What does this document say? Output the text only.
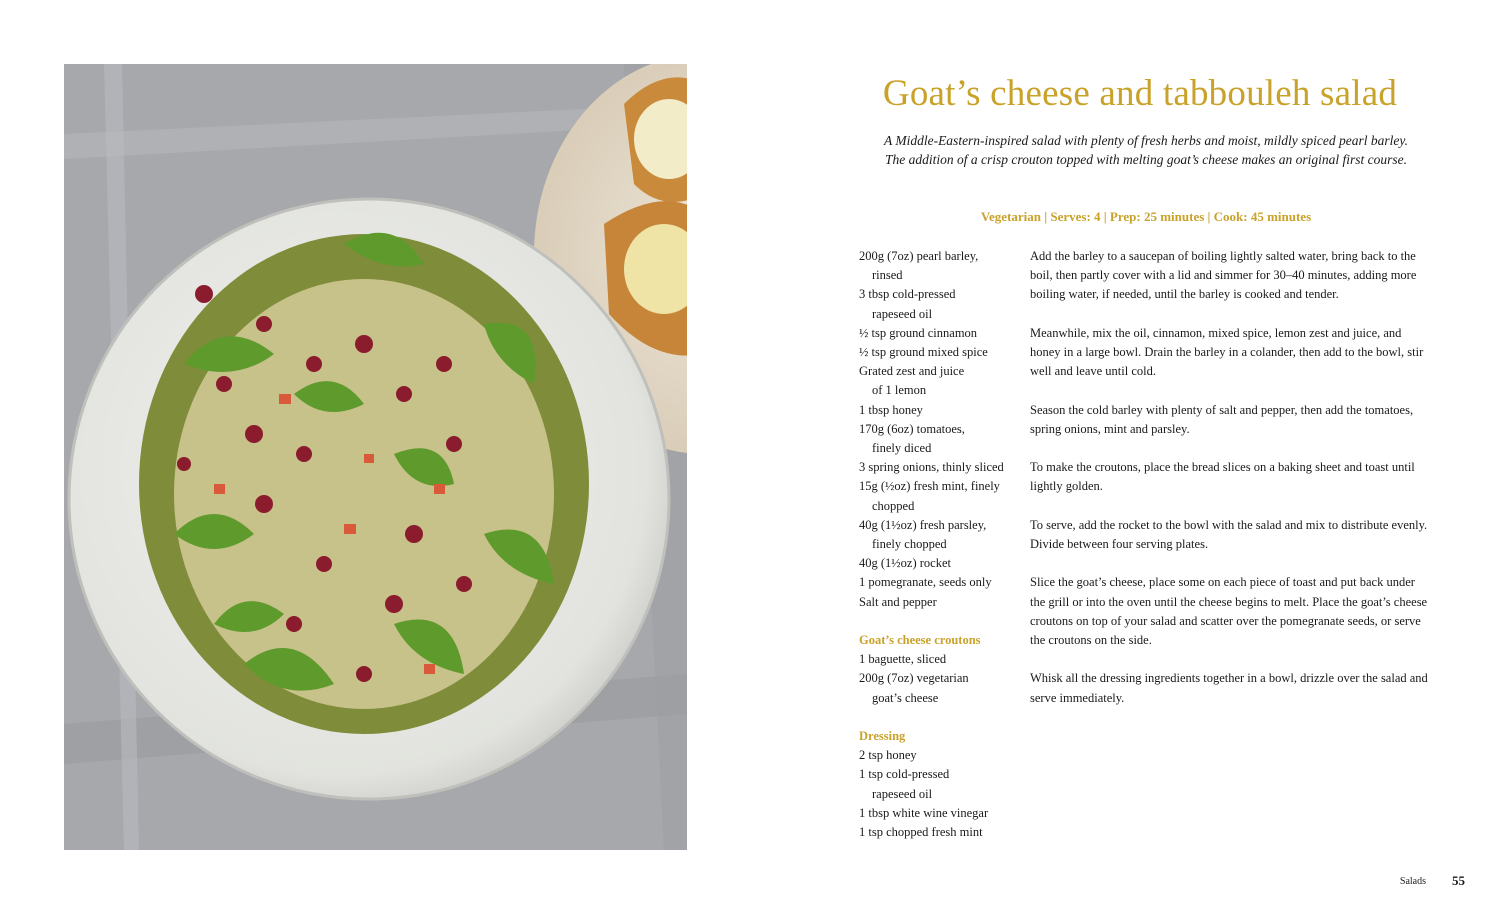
Goat’s cheese and tabbouleh salad
A Middle-Eastern-inspired salad with plenty of fresh herbs and moist, mildly spiced pearl barley.
The addition of a crisp crouton topped with melting goat’s cheese makes an original first course.
Vegetarian | Serves: 4 | Prep: 25 minutes | Cook: 45 minutes
200g (7oz) pearl barley,
rinsed
3 tbsp cold-pressed
rapeseed oil
½ tsp ground cinnamon
½ tsp ground mixed spice
Grated zest and juice
of 1 lemon
1 tbsp honey
170g (6oz) tomatoes,
finely diced
3 spring onions, thinly sliced
15g (½oz) fresh mint, finely
chopped
40g (1½oz) fresh parsley,
finely chopped
40g (1½oz) rocket
1 pomegranate, seeds only
Salt and pepper
Goat’s cheese croutons
1 baguette, sliced
200g (7oz) vegetarian
goat’s cheese
Dressing
2 tsp honey
1 tsp cold-pressed
rapeseed oil
1 tbsp white wine vinegar
1 tsp chopped fresh mint

Add the barley to a saucepan of boiling lightly salted water, bring back to the boil, then partly cover with a lid and simmer for 30–40 minutes, adding more boiling water, if needed, until the barley is cooked and tender.

Meanwhile, mix the oil, cinnamon, mixed spice, lemon zest and juice, and honey in a large bowl. Drain the barley in a colander, then add to the bowl, stir well and leave until cold.

Season the cold barley with plenty of salt and pepper, then add the tomatoes, spring onions, mint and parsley.

To make the croutons, place the bread slices on a baking sheet and toast until lightly golden.

To serve, add the rocket to the bowl with the salad and mix to distribute evenly. Divide between four serving plates.

Slice the goat’s cheese, place some on each piece of toast and put back under the grill or into the oven until the cheese begins to melt. Place the goat’s cheese croutons on top of your salad and scatter over the pomegranate seeds, or serve the croutons on the side.

Whisk all the dressing ingredients together in a bowl, drizzle over the salad and serve immediately.

Salads 55
